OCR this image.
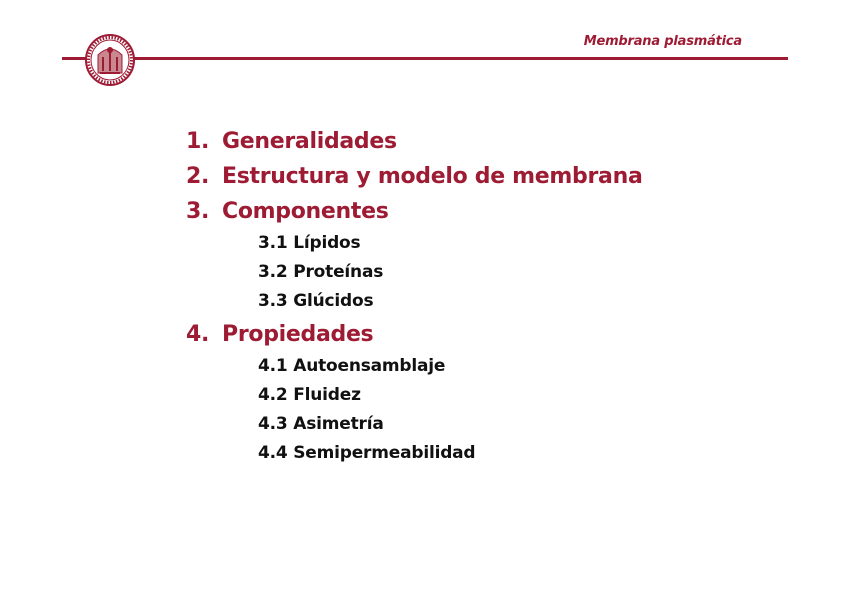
Membrana plasmática
1. Generalidades
2. Estructura y modelo de membrana
3. Componentes
3.1 Lípidos
3.2 Proteínas
3.3 Glúcidos
4. Propiedades
4.1 Autoensamblaje
4.2 Fluidez
4.3 Asimetría
4.4 Semipermeabilidad
